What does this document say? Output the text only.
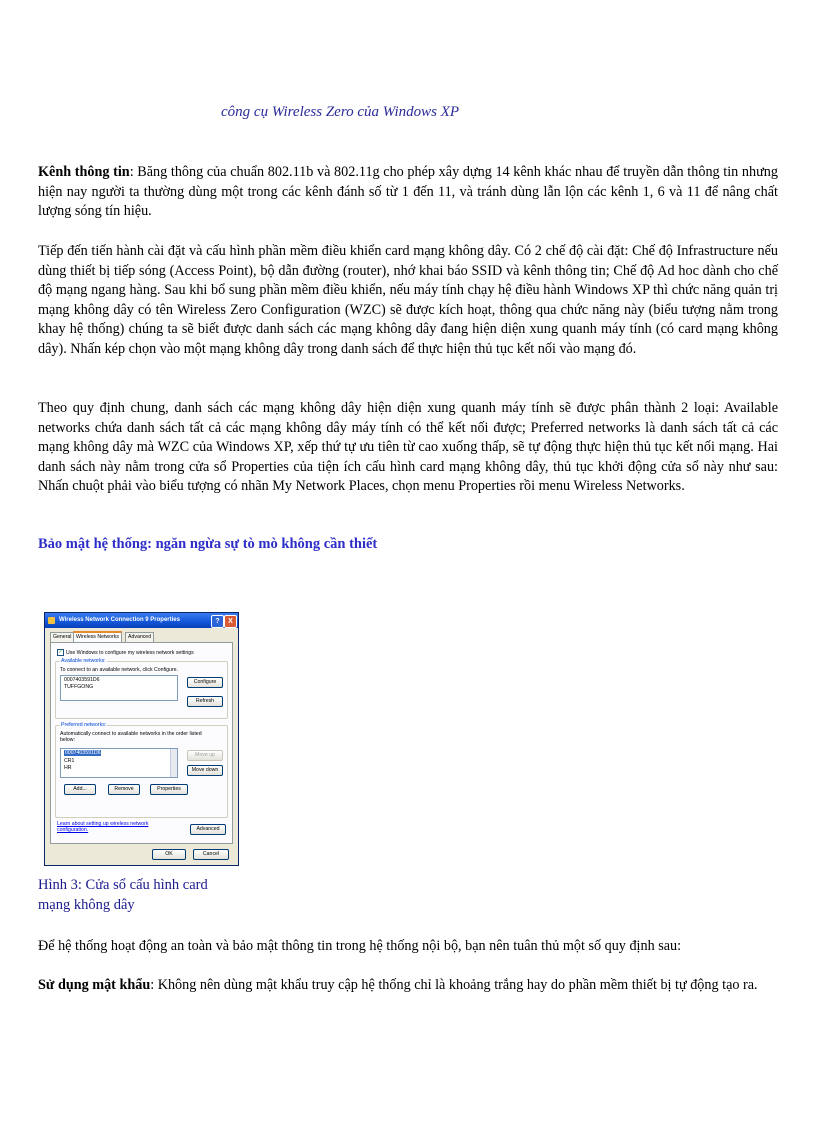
công cụ Wireless Zero của Windows XP
Kênh thông tin: Băng thông của chuẩn 802.11b và 802.11g cho phép xây dựng 14 kênh khác nhau để truyền dẫn thông tin nhưng hiện nay người ta thường dùng một trong các kênh đánh số từ 1 đến 11, và tránh dùng lẫn lộn các kênh 1, 6 và 11 để nâng chất lượng sóng tín hiệu.
Tiếp đến tiến hành cài đặt và cấu hình phần mềm điều khiển card mạng không dây. Có 2 chế độ cài đặt: Chế độ Infrastructure nếu dùng thiết bị tiếp sóng (Access Point), bộ dẫn đường (router), nhớ khai báo SSID và kênh thông tin; Chế độ Ad hoc dành cho chế độ mạng ngang hàng. Sau khi bổ sung phần mềm điều khiển, nếu máy tính chạy hệ điều hành Windows XP thì chức năng quản trị mạng không dây có tên Wireless Zero Configuration (WZC) sẽ được kích hoạt, thông qua chức năng này (biểu tượng nằm trong khay hệ thống) chúng ta sẽ biết được danh sách các mạng không dây đang hiện diện xung quanh máy tính (có card mạng không dây). Nhấn kép chọn vào một mạng không dây trong danh sách để thực hiện thủ tục kết nối vào mạng đó.
Theo quy định chung, danh sách các mạng không dây hiện diện xung quanh máy tính sẽ được phân thành 2 loại: Available networks chứa danh sách tất cả các mạng không dây máy tính có thể kết nối được; Preferred networks là danh sách tất cả các mạng không dây mà WZC của Windows XP, xếp thứ tự ưu tiên từ cao xuống thấp, sẽ tự động thực hiện thủ tục kết nối mạng. Hai danh sách này nằm trong cửa sổ Properties của tiện ích cấu hình card mạng không dây, thủ tục khởi động cửa sổ này như sau: Nhấn chuột phải vào biểu tượng có nhãn My Network Places, chọn menu Properties rồi menu Wireless Networks.
Bảo mật hệ thống: ngăn ngừa sự tò mò không cần thiết
Wireless Network Connection 9 Properties	?	X
General Wireless Networks	Advanced
✓ Use Windows to configure my wireless network settings
Available networks:
To connect to an available network, click Configure.
0007403591D6
TUFFGONG
Configure
Refresh
Preferred networks:
Automatically connect to available networks in the order listed
below:
0007403591D6
CR1
HR
Move up
Move down
Add...	Remove	Properties
Learn about setting up wireless network
configuration.	Advanced
OK	Cancel
Hình 3: Cửa sổ cấu hình card mạng không dây
Để hệ thống hoạt động an toàn và bảo mật thông tin trong hệ thống nội bộ, bạn nên tuân thủ một số quy định sau:
Sử dụng mật khẩu: Không nên dùng mật khẩu truy cập hệ thống chỉ là khoảng trắng hay do phần mềm thiết bị tự động tạo ra.
